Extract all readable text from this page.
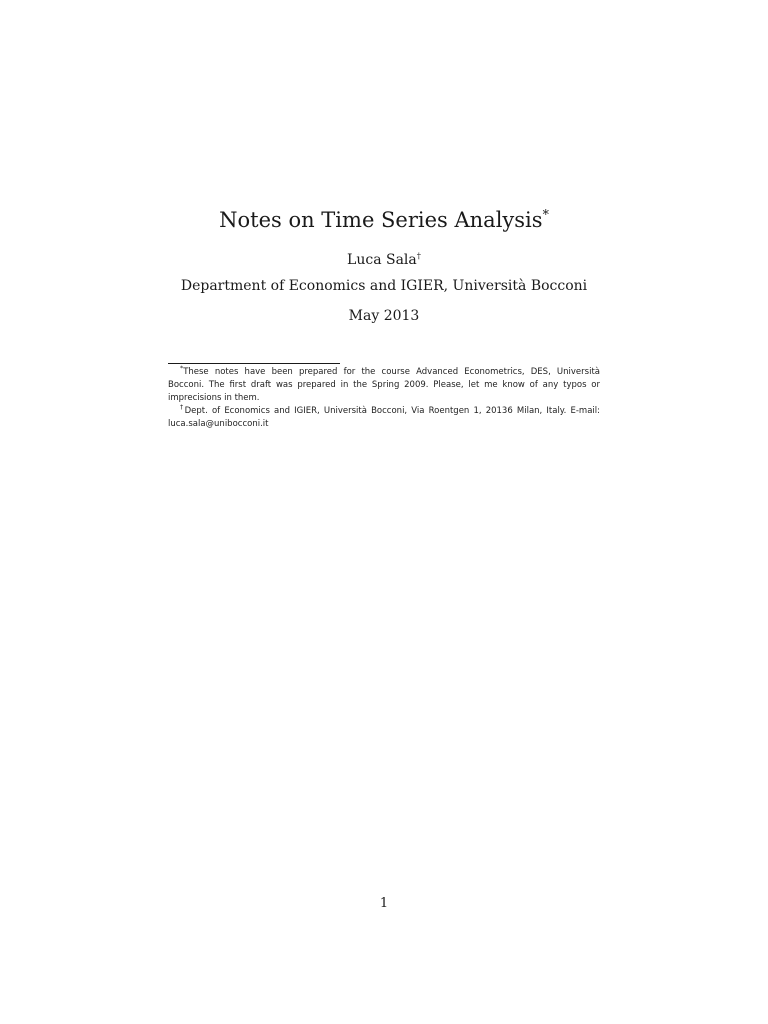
Notes on Time Series Analysis*
Luca Sala†
Department of Economics and IGIER, Università Bocconi
May 2013

*These notes have been prepared for the course Advanced Econometrics, DES, Università Bocconi. The first draft was prepared in the Spring 2009. Please, let me know of any typos or imprecisions in them.

†Dept. of Economics and IGIER, Università Bocconi, Via Roentgen 1, 20136 Milan, Italy. E-mail: luca.sala@unibocconi.it

1
